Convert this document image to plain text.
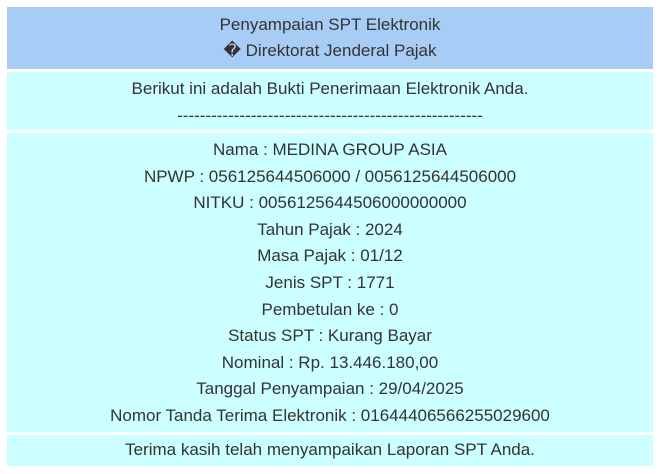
Penyampaian SPT Elektronik
� Direktorat Jenderal Pajak
Berikut ini adalah Bukti Penerimaan Elektronik Anda.
------------------------------------------------------
Nama : MEDINA GROUP ASIA
NPWP : 056125644506000 / 0056125644506000
NITKU : 0056125644506000000000
Tahun Pajak : 2024
Masa Pajak : 01/12
Jenis SPT : 1771
Pembetulan ke : 0
Status SPT : Kurang Bayar
Nominal : Rp. 13.446.180,00
Tanggal Penyampaian : 29/04/2025
Nomor Tanda Terima Elektronik : 01644406566255029600
Terima kasih telah menyampaikan Laporan SPT Anda.
